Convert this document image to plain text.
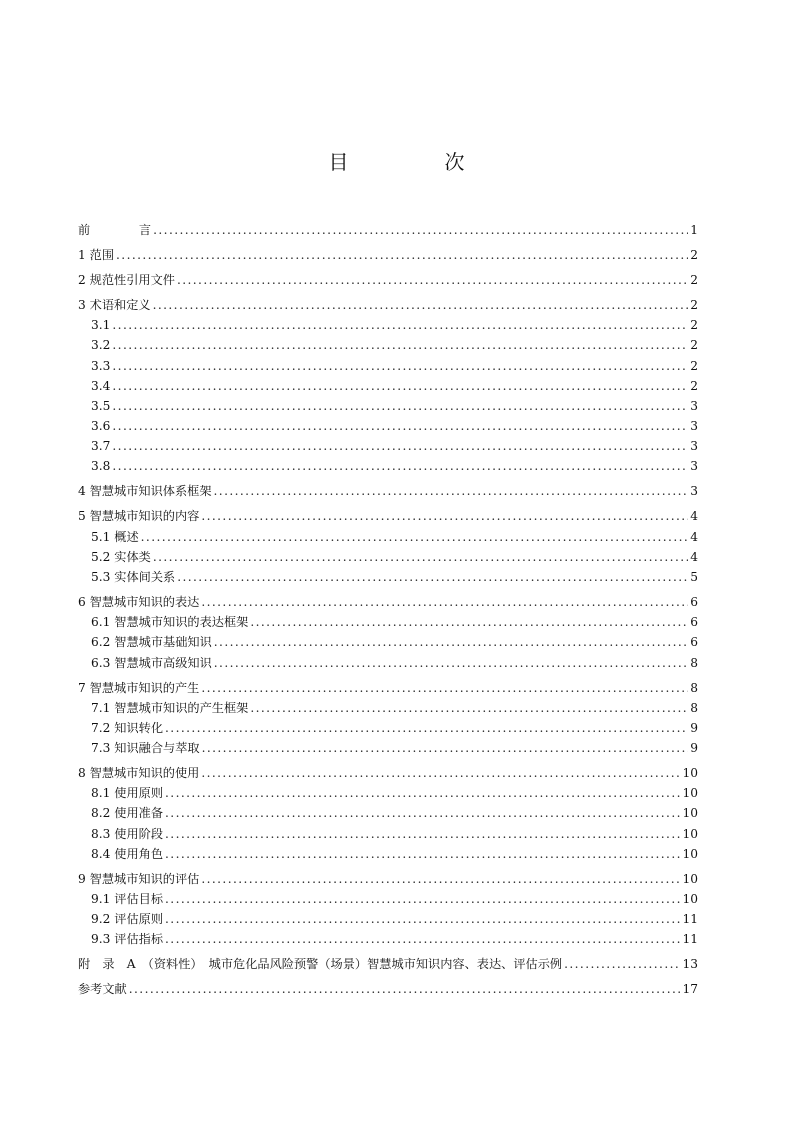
目　次
前　　　　言 .....	1
1 范围 .....	2
2 规范性引用文件 .....	2
3 术语和定义 .....	2
3.1 .....	2
3.2 .....	2
3.3 .....	2
3.4 .....	2
3.5 .....	3
3.6 .....	3
3.7 .....	3
3.8 .....	3
4 智慧城市知识体系框架 .....	3
5 智慧城市知识的内容 .....	4
5.1 概述 .....	4
5.2 实体类 .....	4
5.3 实体间关系 .....	5
6 智慧城市知识的表达 .....	6
6.1 智慧城市知识的表达框架 .....	6
6.2 智慧城市基础知识 .....	6
6.3 智慧城市高级知识 .....	8
7 智慧城市知识的产生 .....	8
7.1 智慧城市知识的产生框架 .....	8
7.2 知识转化 .....	9
7.3 知识融合与萃取 .....	9
8 智慧城市知识的使用 .....	10
8.1 使用原则 .....	10
8.2 使用准备 .....	10
8.3 使用阶段 .....	10
8.4 使用角色 .....	10
9 智慧城市知识的评估 .....	10
9.1 评估目标 .....	10
9.2 评估原则 .....	11
9.3 评估指标 .....	11
附　录　A　（资料性）　城市危化品风险预警（场景）智慧城市知识内容、表达、评估示例 .....	13
参考文献 .....	17
